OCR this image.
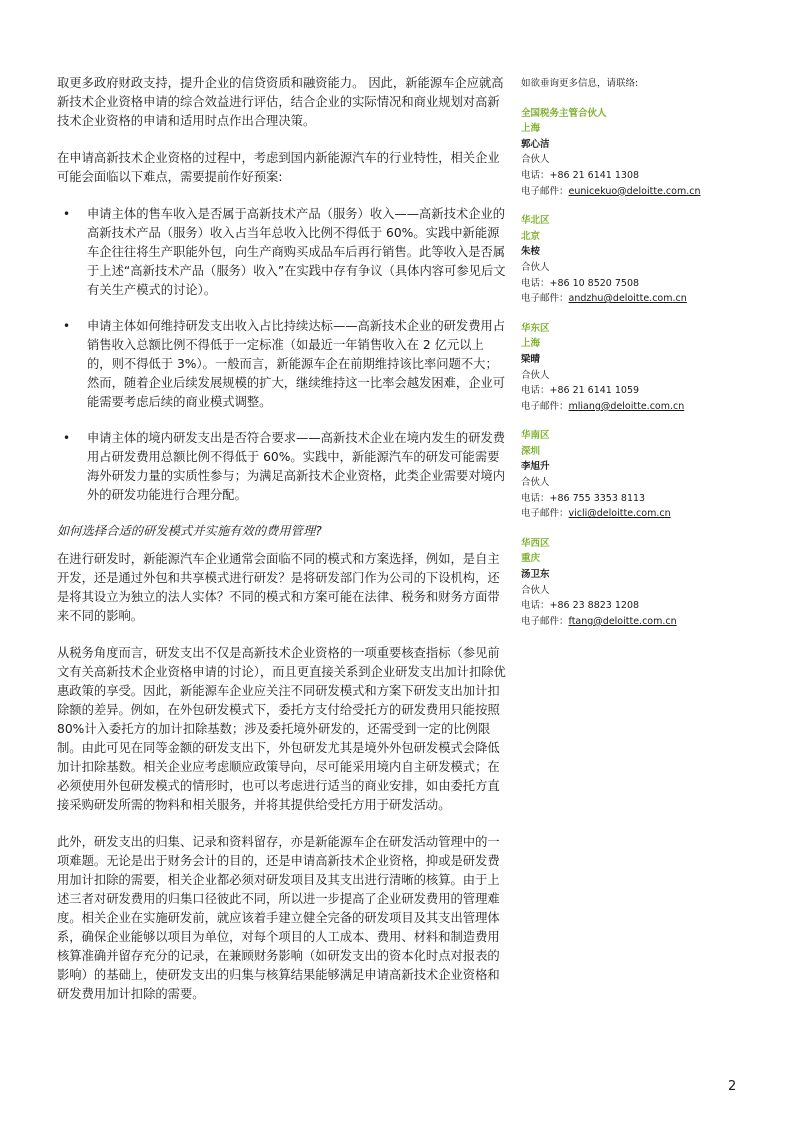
取更多政府财政支持，提升企业的信贷资质和融资能力。 因此，新能源车企应就高新技术企业资格申请的综合效益进行评估，结合企业的实际情况和商业规划对高新技术企业资格的申请和适用时点作出合理决策。

在申请高新技术企业资格的过程中，考虑到国内新能源汽车的行业特性，相关企业可能会面临以下难点，需要提前作好预案:

• 申请主体的售车收入是否属于高新技术产品（服务）收入——高新技术企业的高新技术产品（服务）收入占当年总收入比例不得低于 60%。实践中新能源车企往往将生产职能外包，向生产商购买成品车后再行销售。此等收入是否属于上述“高新技术产品（服务）收入”在实践中存有争议（具体内容可参见后文有关生产模式的讨论）。
• 申请主体如何维持研发支出收入占比持续达标——高新技术企业的研发费用占销售收入总额比例不得低于一定标准（如最近一年销售收入在 2 亿元以上的，则不得低于 3%）。一般而言，新能源车企在前期维持该比率问题不大；然而，随着企业后续发展规模的扩大，继续维持这一比率会越发困难，企业可能需要考虑后续的商业模式调整。
• 申请主体的境内研发支出是否符合要求——高新技术企业在境内发生的研发费用占研发费用总额比例不得低于 60%。实践中，新能源汽车的研发可能需要海外研发力量的实质性参与；为满足高新技术企业资格，此类企业需要对境内外的研发功能进行合理分配。

如何选择合适的研发模式并实施有效的费用管理?

在进行研发时，新能源汽车企业通常会面临不同的模式和方案选择，例如，是自主开发，还是通过外包和共享模式进行研发？是将研发部门作为公司的下设机构，还是将其设立为独立的法人实体？不同的模式和方案可能在法律、税务和财务方面带来不同的影响。

从税务角度而言，研发支出不仅是高新技术企业资格的一项重要核查指标（参见前文有关高新技术企业资格申请的讨论），而且更直接关系到企业研发支出加计扣除优惠政策的享受。因此，新能源车企业应关注不同研发模式和方案下研发支出加计扣除额的差异。例如，在外包研发模式下，委托方支付给受托方的研发费用只能按照 80%计入委托方的加计扣除基数；涉及委托境外研发的，还需受到一定的比例限制。由此可见在同等金额的研发支出下，外包研发尤其是境外外包研发模式会降低加计扣除基数。相关企业应考虑顺应政策导向，尽可能采用境内自主研发模式；在必须使用外包研发模式的情形时，也可以考虑进行适当的商业安排，如由委托方直接采购研发所需的物料和相关服务，并将其提供给受托方用于研发活动。

此外，研发支出的归集、记录和资料留存，亦是新能源车企在研发活动管理中的一项难题。无论是出于财务会计的目的，还是申请高新技术企业资格，抑或是研发费用加计扣除的需要，相关企业都必须对研发项目及其支出进行清晰的核算。由于上述三者对研发费用的归集口径彼此不同，所以进一步提高了企业研发费用的管理难度。相关企业在实施研发前，就应该着手建立健全完备的研发项目及其支出管理体系，确保企业能够以项目为单位，对每个项目的人工成本、费用、材料和制造费用核算准确并留存充分的记录，在兼顾财务影响（如研发支出的资本化时点对报表的影响）的基础上，使研发支出的归集与核算结果能够满足申请高新技术企业资格和研发费用加计扣除的需要。

如欲垂询更多信息，请联络:
全国税务主管合伙人
上海
郭心洁
合伙人
电话：+86 21 6141 1308
电子邮件：eunicekuo@deloitte.com.cn
华北区
北京
朱桉
合伙人
电话：+86 10 8520 7508
电子邮件：andzhu@deloitte.com.cn
华东区
上海
梁晴
合伙人
电话：+86 21 6141 1059
电子邮件：mliang@deloitte.com.cn
华南区
深圳
李旭升
合伙人
电话：+86 755 3353 8113
电子邮件：vicli@deloitte.com.cn
华西区
重庆
汤卫东
合伙人
电话：+86 23 8823 1208
电子邮件：ftang@deloitte.com.cn
2
